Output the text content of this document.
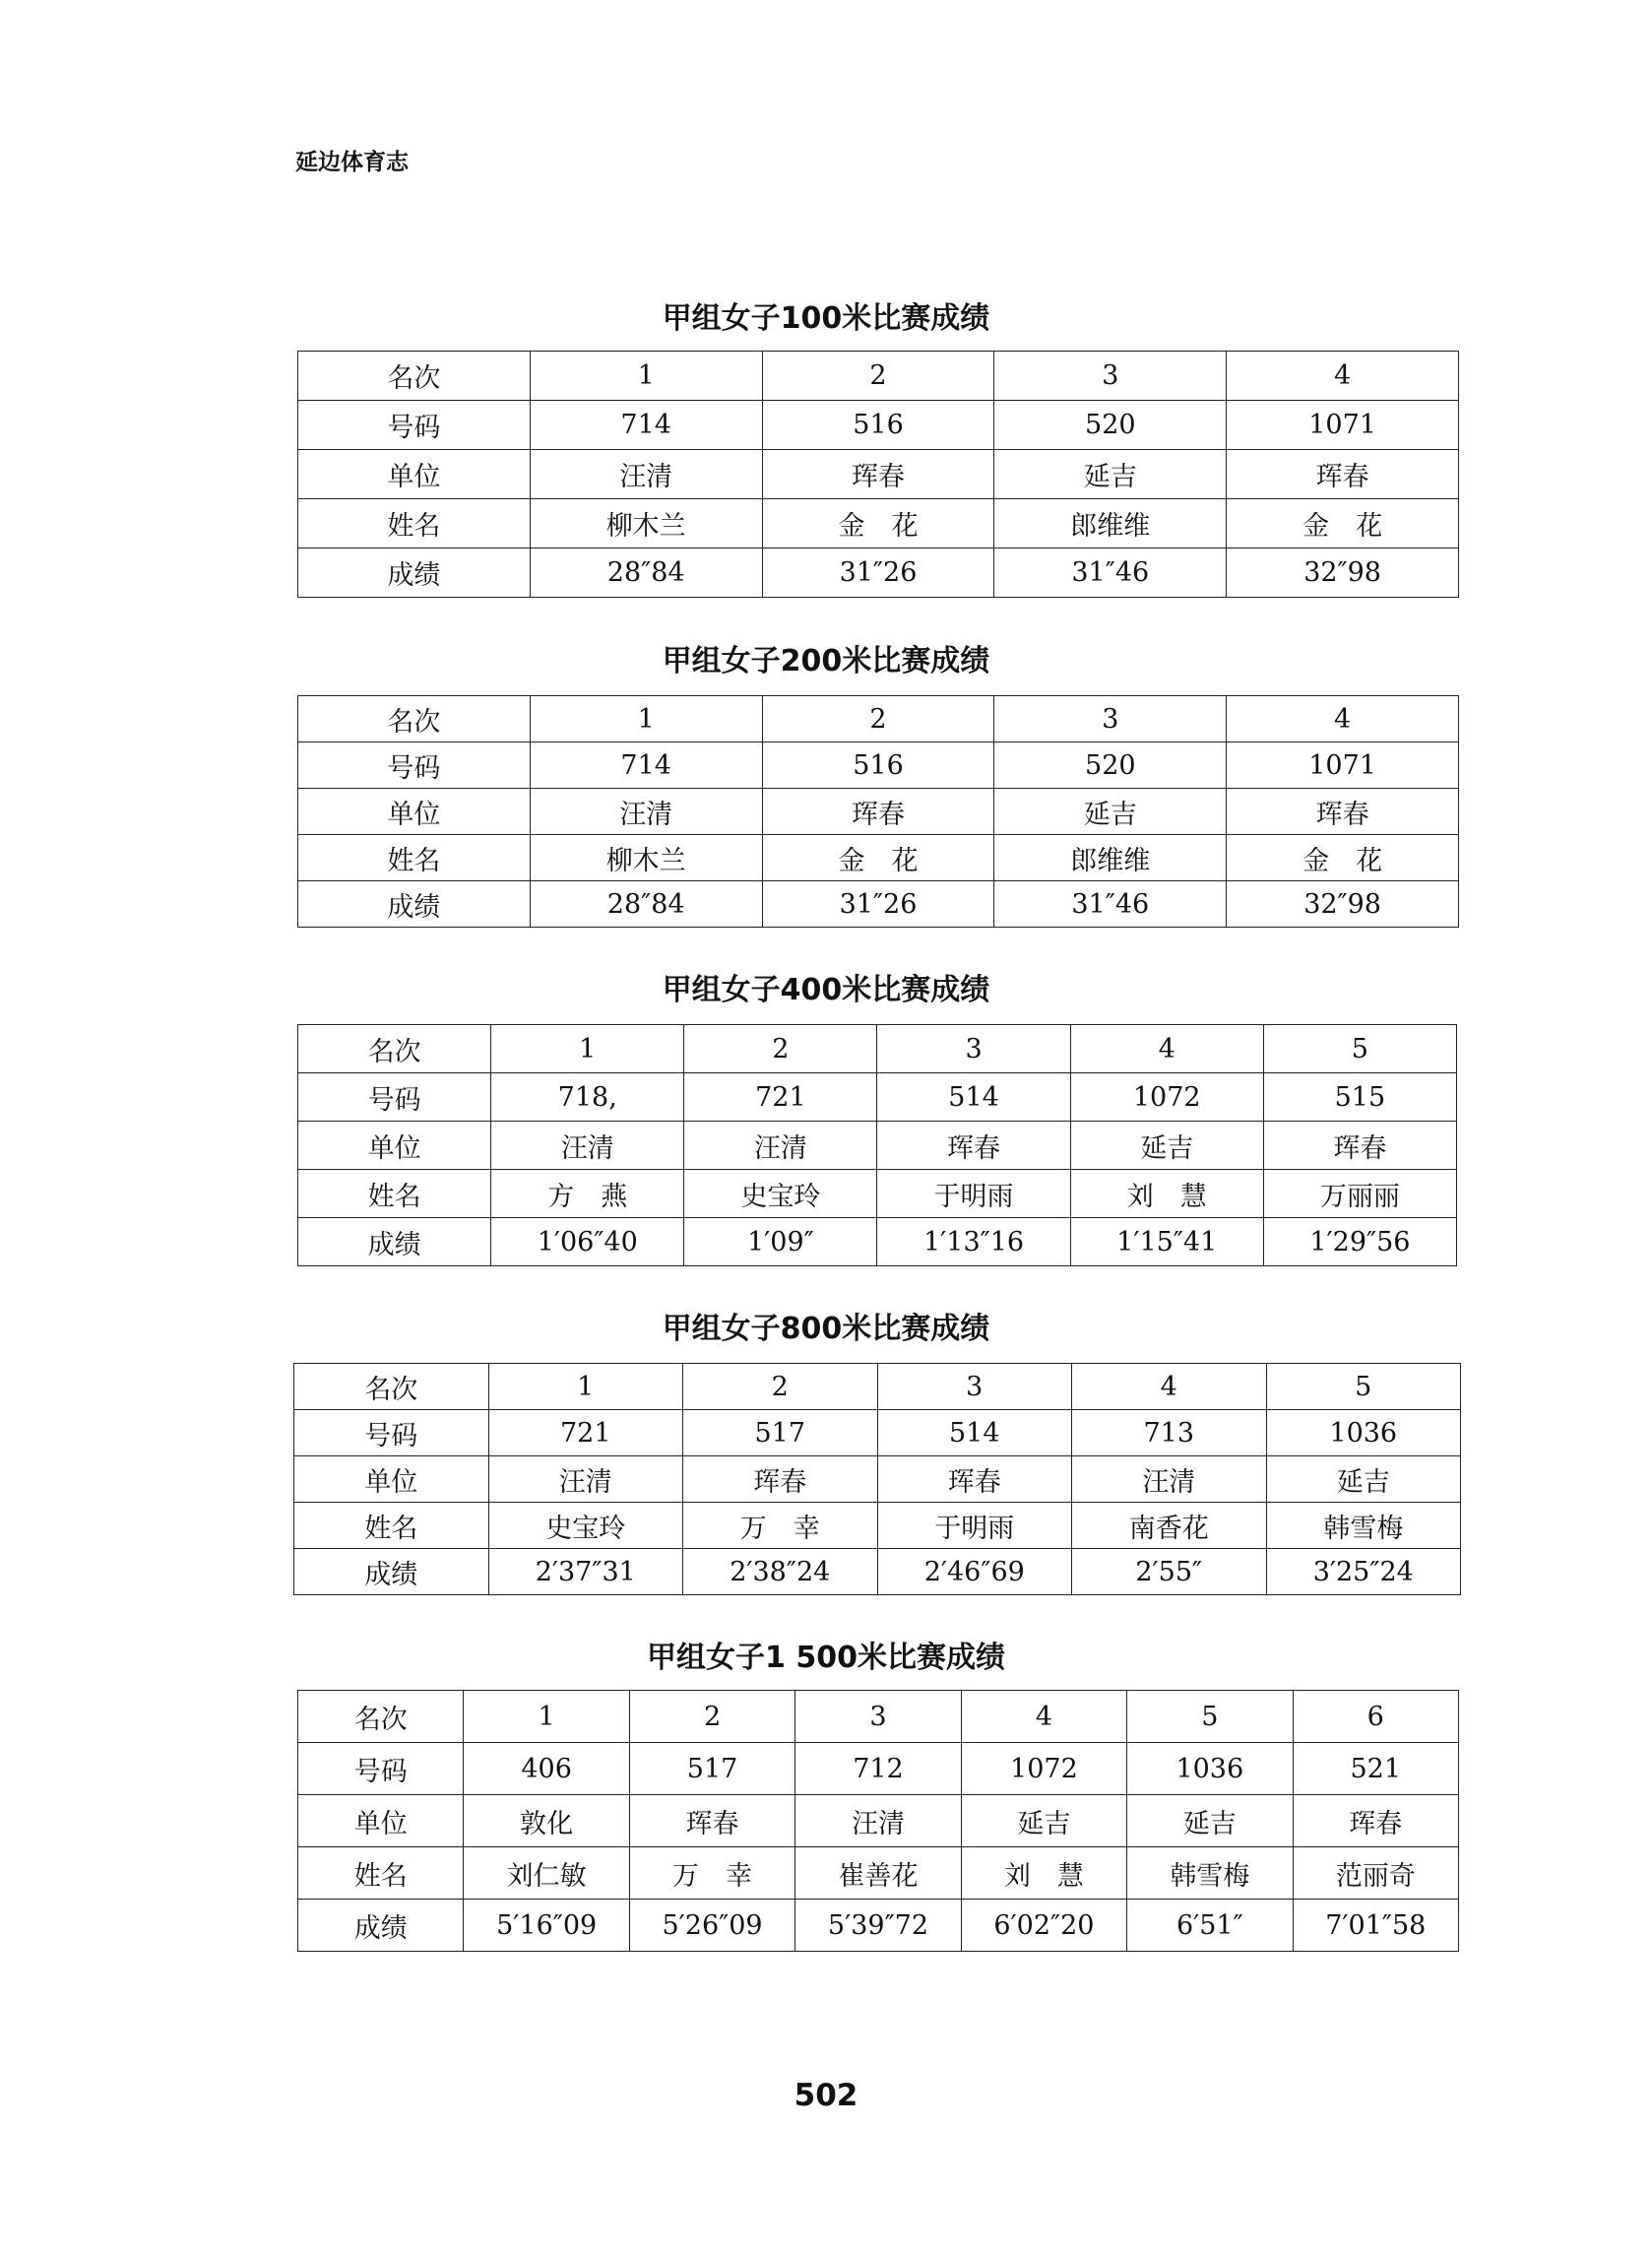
延边体育志
甲组女子100米比赛成绩
名次	1	2	3	4
号码	714	516	520	1071
单位	汪清	珲春	延吉	珲春
姓名	柳木兰	金　花	郎维维	金　花
成绩	28″84	31″26	31″46	32″98
甲组女子200米比赛成绩
名次	1	2	3	4
号码	714	516	520	1071
单位	汪清	珲春	延吉	珲春
姓名	柳木兰	金　花	郎维维	金　花
成绩	28″84	31″26	31″46	32″98
甲组女子400米比赛成绩
名次	1	2	3	4	5
号码	718,	721	514	1072	515
单位	汪清	汪清	珲春	延吉	珲春
姓名	方　燕	史宝玲	于明雨	刘　慧	万丽丽
成绩	1′06″40	1′09″	1′13″16	1′15″41	1′29″56
甲组女子800米比赛成绩
名次	1	2	3	4	5
号码	721	517	514	713	1036
单位	汪清	珲春	珲春	汪清	延吉
姓名	史宝玲	万　幸	于明雨	南香花	韩雪梅
成绩	2′37″31	2′38″24	2′46″69	2′55″	3′25″24
甲组女子1 500米比赛成绩
名次	1	2	3	4	5	6
号码	406	517	712	1072	1036	521
单位	敦化	珲春	汪清	延吉	延吉	珲春
姓名	刘仁敏	万　幸	崔善花	刘　慧	韩雪梅	范丽奇
成绩	5′16″09	5′26″09	5′39″72	6′02″20	6′51″	7′01″58
502
